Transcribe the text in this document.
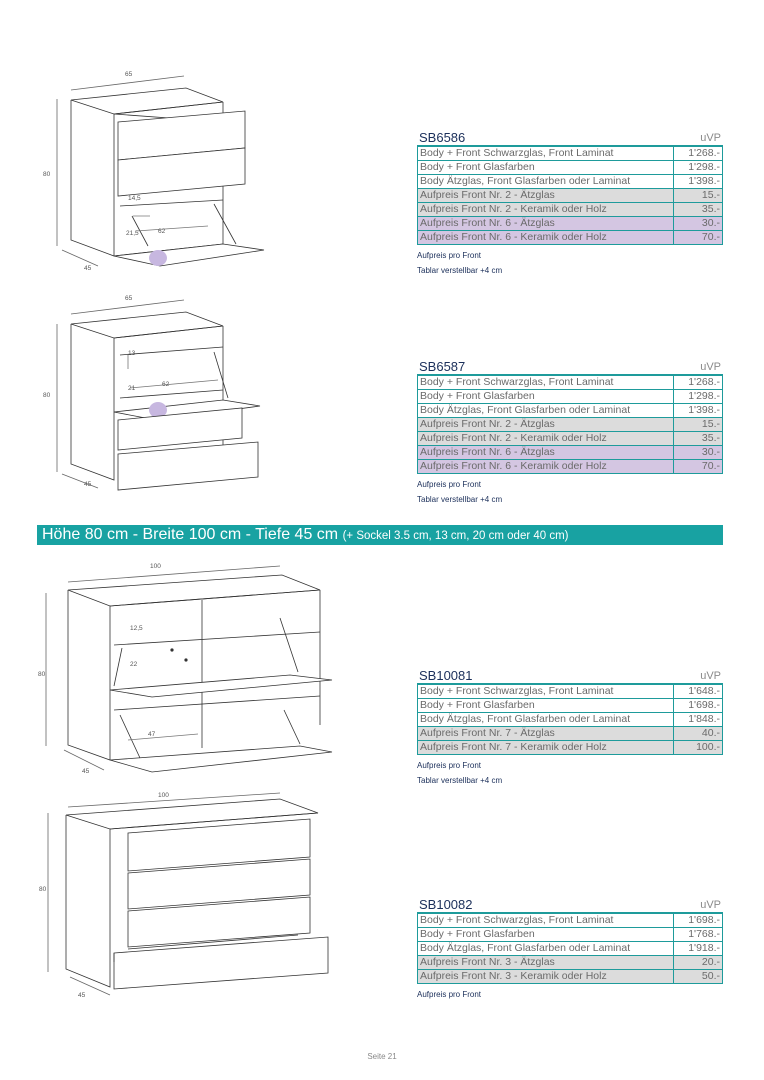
65
80
45
14,5
21,5	62
65
80
45
13
21
62
100
80
45
12,5
22
47
100
80
45
SB6586	uVP
Body + Front Schwarzglas, Front Laminat	1'268.-
Body + Front Glasfarben	1'298.-
Body Ätzglas, Front Glasfarben oder Laminat	1'398.-
Aufpreis Front Nr. 2 - Ätzglas	15.-
Aufpreis Front Nr. 2 - Keramik oder Holz	35.-
Aufpreis Front Nr. 6 - Ätzglas	30.-
Aufpreis Front Nr. 6 - Keramik oder Holz	70.-
Aufpreis pro Front
Tablar verstellbar +4 cm
SB6587	uVP
Body + Front Schwarzglas, Front Laminat	1'268.-
Body + Front Glasfarben	1'298.-
Body Ätzglas, Front Glasfarben oder Laminat	1'398.-
Aufpreis Front Nr. 2 - Ätzglas	15.-
Aufpreis Front Nr. 2 - Keramik oder Holz	35.-
Aufpreis Front Nr. 6 - Ätzglas	30.-
Aufpreis Front Nr. 6 - Keramik oder Holz	70.-
Aufpreis pro Front
Tablar verstellbar +4 cm
Höhe 80 cm - Breite 100 cm - Tiefe 45 cm (+ Sockel 3.5 cm, 13 cm, 20 cm oder 40 cm)
SB10081	uVP
Body + Front Schwarzglas, Front Laminat	1'648.-
Body + Front Glasfarben	1'698.-
Body Ätzglas, Front Glasfarben oder Laminat	1'848.-
Aufpreis Front Nr. 7 - Ätzglas	40.-
Aufpreis Front Nr. 7 - Keramik oder Holz	100.-
Aufpreis pro Front
Tablar verstellbar +4 cm
SB10082	uVP
Body + Front Schwarzglas, Front Laminat	1'698.-
Body + Front Glasfarben	1'768.-
Body Ätzglas, Front Glasfarben oder Laminat	1'918.-
Aufpreis Front Nr. 3 - Ätzglas	20.-
Aufpreis Front Nr. 3 - Keramik oder Holz	50.-
Aufpreis pro Front
Seite 21
